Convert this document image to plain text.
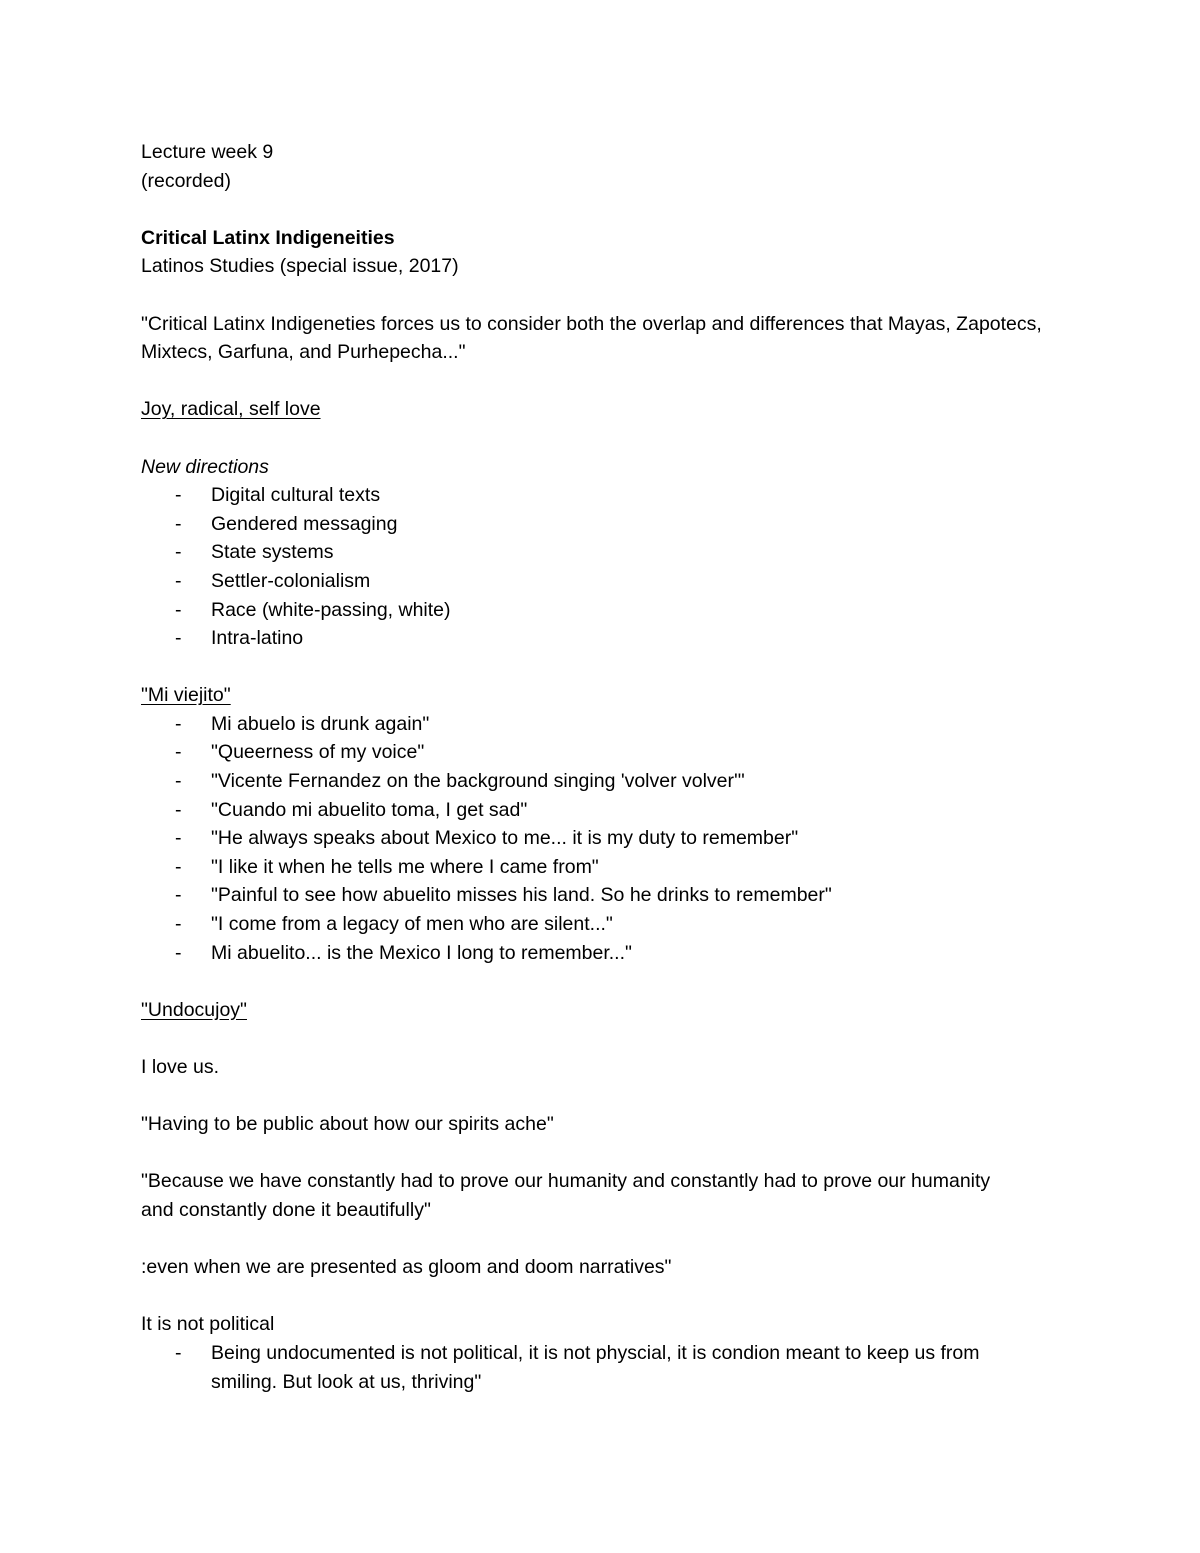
Lecture week 9
(recorded)
Critical Latinx Indigeneities
Latinos Studies (special issue, 2017)
"Critical Latinx Indigeneties forces us to consider both the overlap and differences that Mayas, Zapotecs, Mixtecs, Garfuna, and Purhepecha..."
Joy, radical, self love
New directions
- Digital cultural texts
- Gendered messaging
- State systems
- Settler-colonialism
- Race (white-passing, white)
- Intra-latino
"Mi viejito"
- Mi abuelo is drunk again"
- "Queerness of my voice"
- "Vicente Fernandez on the background singing 'volver volver'"
- "Cuando mi abuelito toma, I get sad"
- "He always speaks about Mexico to me... it is my duty to remember"
- "I like it when he tells me where I came from"
- "Painful to see how abuelito misses his land. So he drinks to remember"
- "I come from a legacy of men who are silent..."
- Mi abuelito... is the Mexico I long to remember..."
"Undocujoy"
I love us.
"Having to be public about how our spirits ache"
"Because we have constantly had to prove our humanity and constantly had to prove our humanity and constantly done it beautifully"
:even when we are presented as gloom and doom narratives"
It is not political
- Being undocumented is not political, it is not physcial, it is condion meant to keep us from smiling. But look at us, thriving"
